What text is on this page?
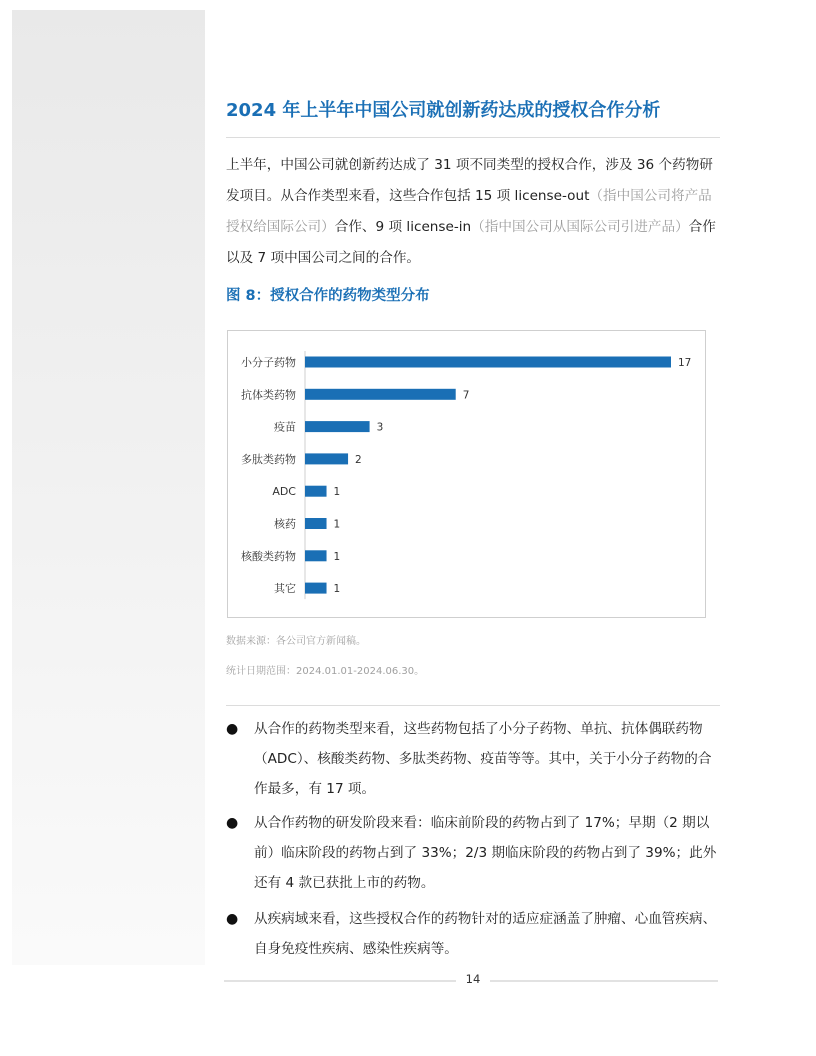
2024 年上半年中国公司就创新药达成的授权合作分析

上半年，中国公司就创新药达成了 31 项不同类型的授权合作，涉及 36 个药物研发项目。从合作类型来看，这些合作包括 15 项 license-out（指中国公司将产品授权给国际公司）合作、9 项 license-in（指中国公司从国际公司引进产品）合作以及 7 项中国公司之间的合作。

图 8：授权合作的药物类型分布
小分子药物	17
抗体类药物	7
疫苗	3
多肽类药物	2
ADC	1
核药	1
核酸类药物	1
其它	1

数据来源：各公司官方新闻稿。

统计日期范围：2024.01.01-2024.06.30。

●	从合作的药物类型来看，这些药物包括了小分子药物、单抗、抗体偶联药物（ADC）、核酸类药物、多肽类药物、疫苗等等。其中，关于小分子药物的合作最多，有 17 项。

●	从合作药物的研发阶段来看：临床前阶段的药物占到了 17%；早期（2 期以前）临床阶段的药物占到了 33%；2/3 期临床阶段的药物占到了 39%；此外还有 4 款已获批上市的药物。

●	从疾病域来看，这些授权合作的药物针对的适应症涵盖了肿瘤、心血管疾病、自身免疫性疾病、感染性疾病等。

14
